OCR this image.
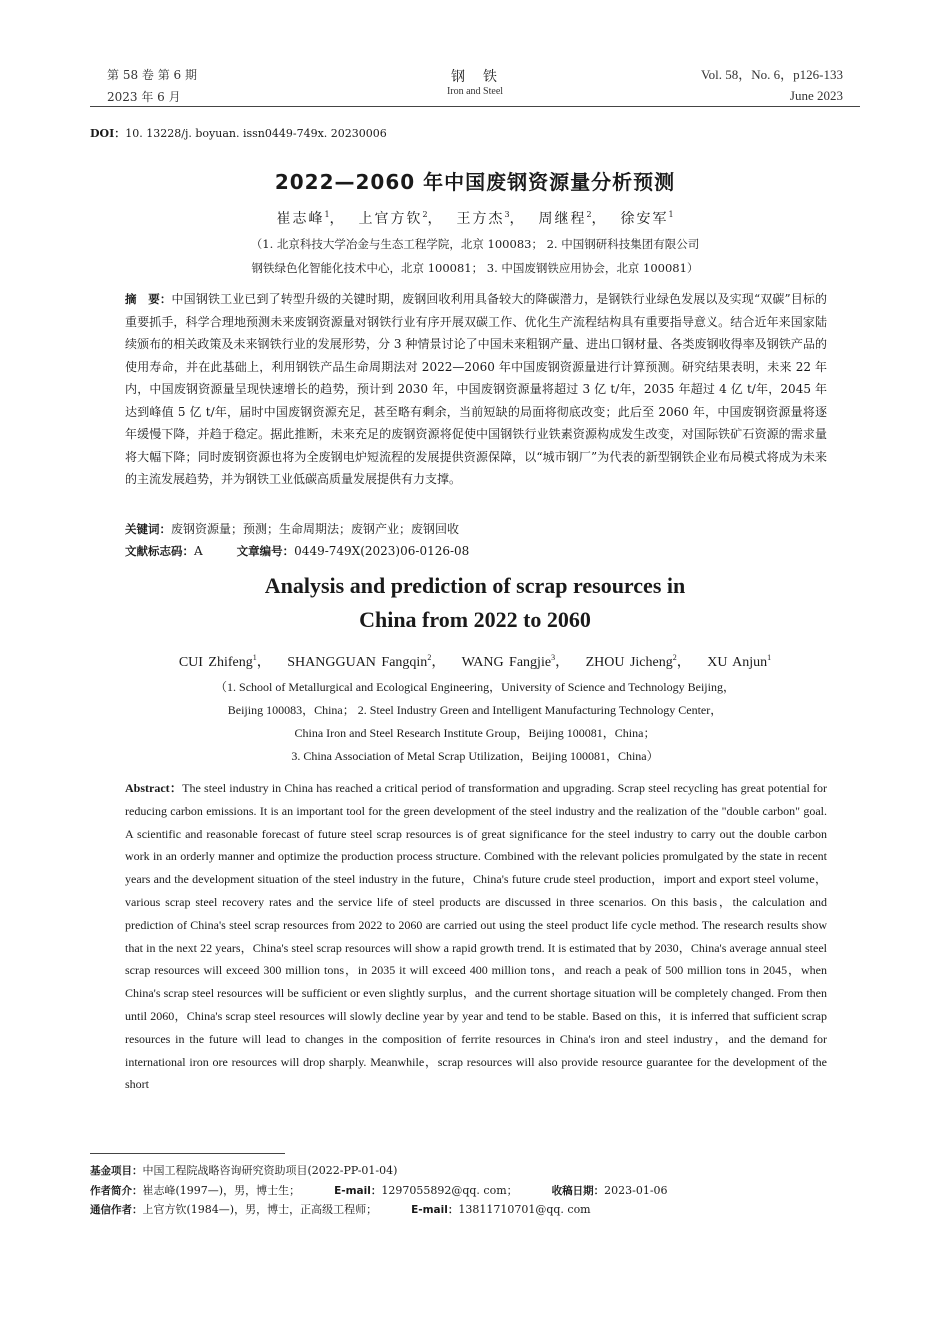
第 58 卷 第 6 期
2023 年 6 月
钢　铁
Iron and Steel
Vol. 58，No. 6，p126-133
June 2023
DOI：10. 13228/j. boyuan. issn0449-749x. 20230006
2022—2060 年中国废钢资源量分析预测
崔志峰$^1$，  上官方钦$^2$，  王方杰$^3$，  周继程$^2$，  徐安军$^1$
（1. 北京科技大学冶金与生态工程学院，北京 100083； 2. 中国钢研科技集团有限公司
钢铁绿色化智能化技术中心，北京 100081； 3. 中国废钢铁应用协会，北京 100081）
摘　要：中国钢铁工业已到了转型升级的关键时期，废钢回收利用具备较大的降碳潜力，是钢铁行业绿色发展以及实现“双碳”目标的重要抓手，科学合理地预测未来废钢资源量对钢铁行业有序开展双碳工作、优化生产流程结构具有重要指导意义。结合近年来国家陆续颁布的相关政策及未来钢铁行业的发展形势，分 3 种情景讨论了中国未来粗钢产量、进出口钢材量、各类废钢收得率及钢铁产品的使用寿命，并在此基础上，利用钢铁产品生命周期法对 2022—2060 年中国废钢资源量进行计算预测。研究结果表明，未来 22 年内，中国废钢资源量呈现快速增长的趋势，预计到 2030 年，中国废钢资源量将超过 3 亿 t/年，2035 年超过 4 亿 t/年，2045 年达到峰值 5 亿 t/年，届时中国废钢资源充足，甚至略有剩余，当前短缺的局面将彻底改变；此后至 2060 年，中国废钢资源量将逐年缓慢下降，并趋于稳定。据此推断，未来充足的废钢资源将促使中国钢铁行业铁素资源构成发生改变，对国际铁矿石资源的需求量将大幅下降；同时废钢资源也将为全废钢电炉短流程的发展提供资源保障，以“城市钢厂”为代表的新型钢铁企业布局模式将成为未来的主流发展趋势，并为钢铁工业低碳高质量发展提供有力支撑。
关键词：废钢资源量；预测；生命周期法；废钢产业；废钢回收
文献标志码：A	文章编号：0449-749X(2023)06-0126-08
Analysis and prediction of scrap resources in
China from 2022 to 2060
CUI Zhifeng$^1$，   SHANGGUAN Fangqin$^2$，   WANG Fangjie$^3$，   ZHOU Jicheng$^2$，   XU Anjun$^1$
（1. School of Metallurgical and Ecological Engineering，University of Science and Technology Beijing，
Beijing 100083，China； 2. Steel Industry Green and Intelligent Manufacturing Technology Center，
China Iron and Steel Research Institute Group，Beijing 100081，China；
3. China Association of Metal Scrap Utilization，Beijing 100081，China）
Abstract：The steel industry in China has reached a critical period of transformation and upgrading. Scrap steel recycling has great potential for reducing carbon emissions. It is an important tool for the green development of the steel industry and the realization of the "double carbon" goal. A scientific and reasonable forecast of future steel scrap resources is of great significance for the steel industry to carry out the double carbon work in an orderly manner and optimize the production process structure. Combined with the relevant policies promulgated by the state in recent years and the development situation of the steel industry in the future，China's future crude steel production，import and export steel volume，various scrap steel recovery rates and the service life of steel products are discussed in three scenarios. On this basis，the calculation and prediction of China's steel scrap resources from 2022 to 2060 are carried out using the steel product life cycle method. The research results show that in the next 22 years，China's steel scrap resources will show a rapid growth trend. It is estimated that by 2030，China's average annual steel scrap resources will exceed 300 million tons，in 2035 it will exceed 400 million tons，and reach a peak of 500 million tons in 2045，when China's scrap steel resources will be sufficient or even slightly surplus，and the current shortage situation will be completely changed. From then until 2060，China's scrap steel resources will slowly decline year by year and tend to be stable. Based on this，it is inferred that sufficient scrap resources in the future will lead to changes in the composition of ferrite resources in China's iron and steel industry，and the demand for international iron ore resources will drop sharply. Meanwhile，scrap resources will also provide resource guarantee for the development of the short
基金项目：中国工程院战略咨询研究资助项目(2022-PP-01-04)
作者简介：崔志峰(1997—)，男，博士生；	E-mail：1297055892@qq. com；	收稿日期：2023-01-06
通信作者：上官方钦(1984—)，男，博士，正高级工程师；	E-mail：13811710701@qq. com
